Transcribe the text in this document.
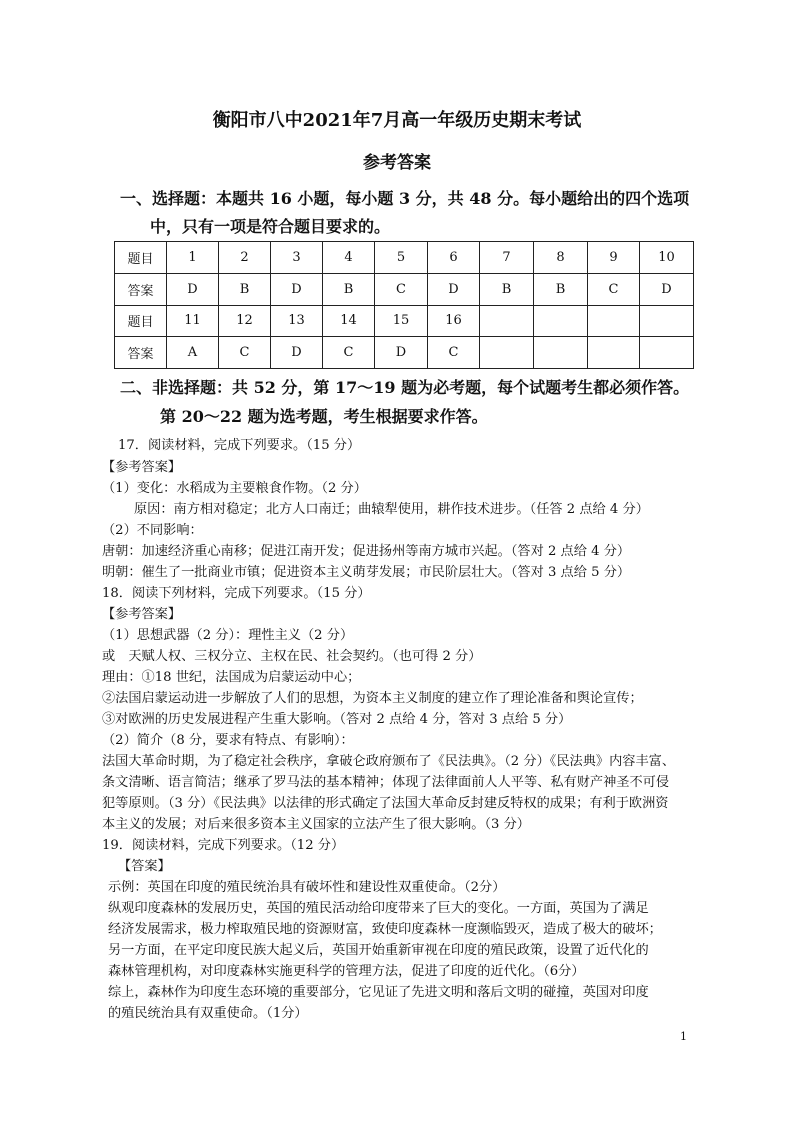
衡阳市八中2021年7月高一年级历史期末考试
参考答案
一、选择题：本题共 16 小题，每小题 3 分，共 48 分。每小题给出的四个选项
中，只有一项是符合题目要求的。
题目	1	2	3	4	5	6	7	8	9	10
答案	D	B	D	B	C	D	B	B	C	D
题目	11	12	13	14	15	16				
答案	A	C	D	C	D	C				
二、非选择题：共 52 分，第 17～19 题为必考题，每个试题考生都必须作答。
第 20～22 题为选考题，考生根据要求作答。
17．阅读材料，完成下列要求。（15 分）
【参考答案】
（1）变化：水稻成为主要粮食作物。（2 分）
原因：南方相对稳定；北方人口南迁；曲辕犁使用，耕作技术进步。（任答 2 点给 4 分）
（2）不同影响：
唐朝：加速经济重心南移；促进江南开发；促进扬州等南方城市兴起。（答对 2 点给 4 分）
明朝：催生了一批商业市镇；促进资本主义萌芽发展；市民阶层壮大。（答对 3 点给 5 分）
18．阅读下列材料，完成下列要求。（15 分）
【参考答案】
（1）思想武器（2 分）：理性主义（2 分）
或　天赋人权、三权分立、主权在民、社会契约。（也可得 2 分）
理由：①18 世纪，法国成为启蒙运动中心；
②法国启蒙运动进一步解放了人们的思想，为资本主义制度的建立作了理论准备和舆论宣传；
③对欧洲的历史发展进程产生重大影响。（答对 2 点给 4 分，答对 3 点给 5 分）
（2）简介（8 分，要求有特点、有影响）：
法国大革命时期，为了稳定社会秩序，拿破仑政府颁布了《民法典》。（2 分）《民法典》内容丰富、
条文清晰、语言简洁；继承了罗马法的基本精神；体现了法律面前人人平等、私有财产神圣不可侵
犯等原则。（3 分）《民法典》以法律的形式确定了法国大革命反封建反特权的成果；有利于欧洲资
本主义的发展；对后来很多资本主义国家的立法产生了很大影响。（3 分）
19．阅读材料，完成下列要求。（12 分）
【答案】
示例：英国在印度的殖民统治具有破坏性和建设性双重使命。（2分）
纵观印度森林的发展历史，英国的殖民活动给印度带来了巨大的变化。一方面，英国为了满足
经济发展需求，极力榨取殖民地的资源财富，致使印度森林一度濒临毁灭，造成了极大的破坏；
另一方面，在平定印度民族大起义后，英国开始重新审视在印度的殖民政策，设置了近代化的
森林管理机构，对印度森林实施更科学的管理方法，促进了印度的近代化。（6分）
综上，森林作为印度生态环境的重要部分，它见证了先进文明和落后文明的碰撞，英国对印度
的殖民统治具有双重使命。（1分）
1
